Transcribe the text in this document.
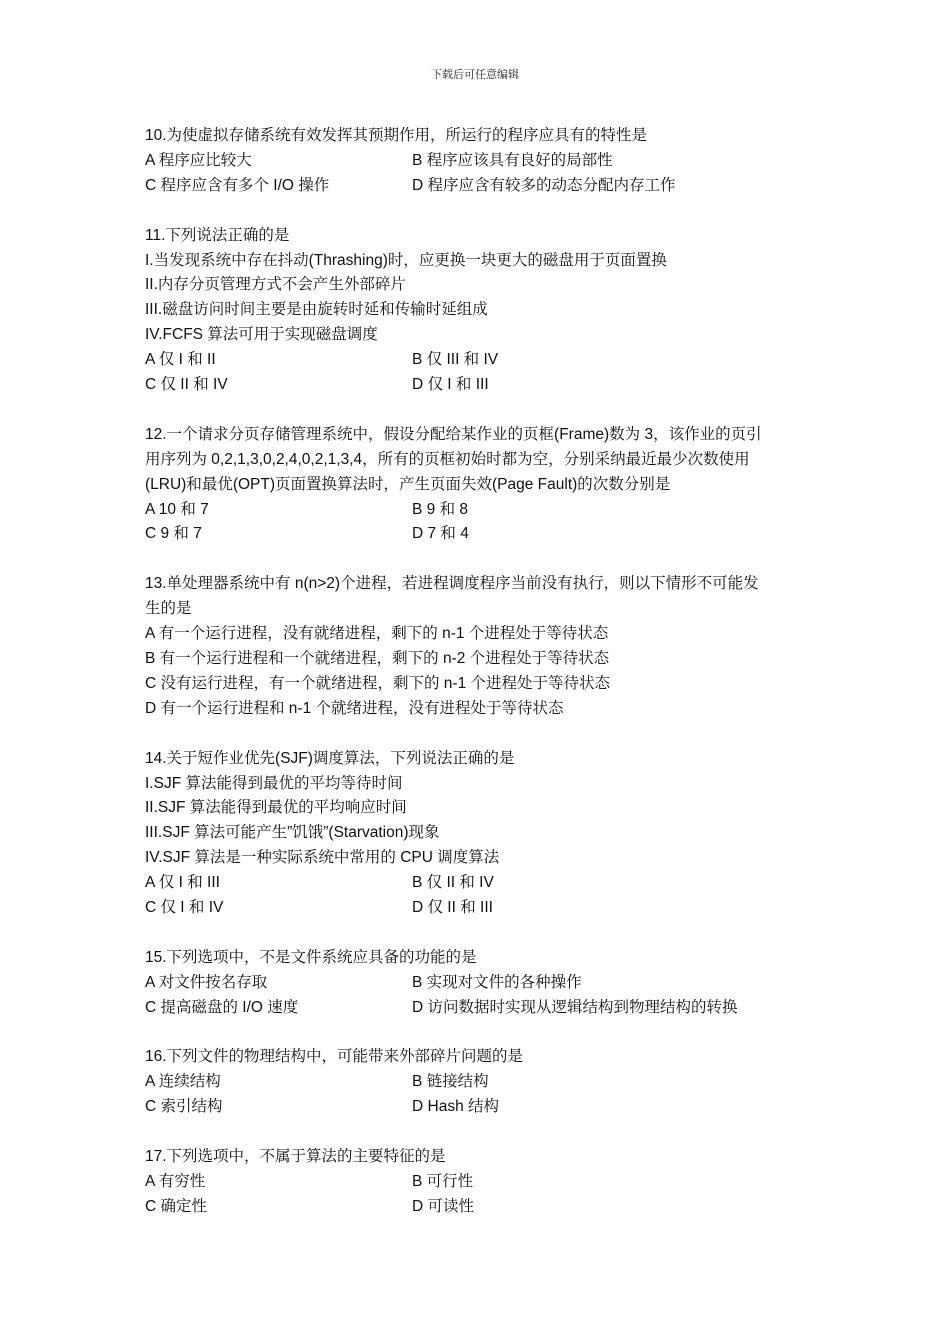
下载后可任意编辑
10.为使虚拟存储系统有效发挥其预期作用，所运行的程序应具有的特性是
A 程序应比较大	B 程序应该具有良好的局部性
C 程序应含有多个 I/O 操作	D 程序应含有较多的动态分配内存工作
11.下列说法正确的是
I.当发现系统中存在抖动(Thrashing)时，应更换一块更大的磁盘用于页面置换
II.内存分页管理方式不会产生外部碎片
III.磁盘访问时间主要是由旋转时延和传输时延组成
IV.FCFS 算法可用于实现磁盘调度
A 仅 I 和 II	B 仅 III 和 IV
C 仅 II 和 IV	D 仅 I 和 III
12.一个请求分页存储管理系统中，假设分配给某作业的页框(Frame)数为 3，该作业的页引
用序列为 0,2,1,3,0,2,4,0,2,1,3,4，所有的页框初始时都为空，分别采纳最近最少次数使用
(LRU)和最优(OPT)页面置换算法时，产生页面失效(Page Fault)的次数分别是
A 10 和 7	B 9 和 8
C 9 和 7	D 7 和 4
13.单处理器系统中有 n(n>2)个进程，若进程调度程序当前没有执行，则以下情形不可能发
生的是
A 有一个运行进程，没有就绪进程，剩下的 n-1 个进程处于等待状态
B 有一个运行进程和一个就绪进程，剩下的 n-2 个进程处于等待状态
C 没有运行进程，有一个就绪进程，剩下的 n-1 个进程处于等待状态
D 有一个运行进程和 n-1 个就绪进程，没有进程处于等待状态
14.关于短作业优先(SJF)调度算法，下列说法正确的是
I.SJF 算法能得到最优的平均等待时间
II.SJF 算法能得到最优的平均响应时间
III.SJF 算法可能产生”饥饿”(Starvation)现象
IV.SJF 算法是一种实际系统中常用的 CPU 调度算法
A 仅 I 和 III	B 仅 II 和 IV
C 仅 I 和 IV	D 仅 II 和 III
15.下列选项中，不是文件系统应具备的功能的是
A 对文件按名存取	B 实现对文件的各种操作
C 提高磁盘的 I/O 速度	D 访问数据时实现从逻辑结构到物理结构的转换
16.下列文件的物理结构中，可能带来外部碎片问题的是
A 连续结构	B 链接结构
C 索引结构	D Hash 结构
17.下列选项中，不属于算法的主要特征的是
A 有穷性	B 可行性
C 确定性	D 可读性
